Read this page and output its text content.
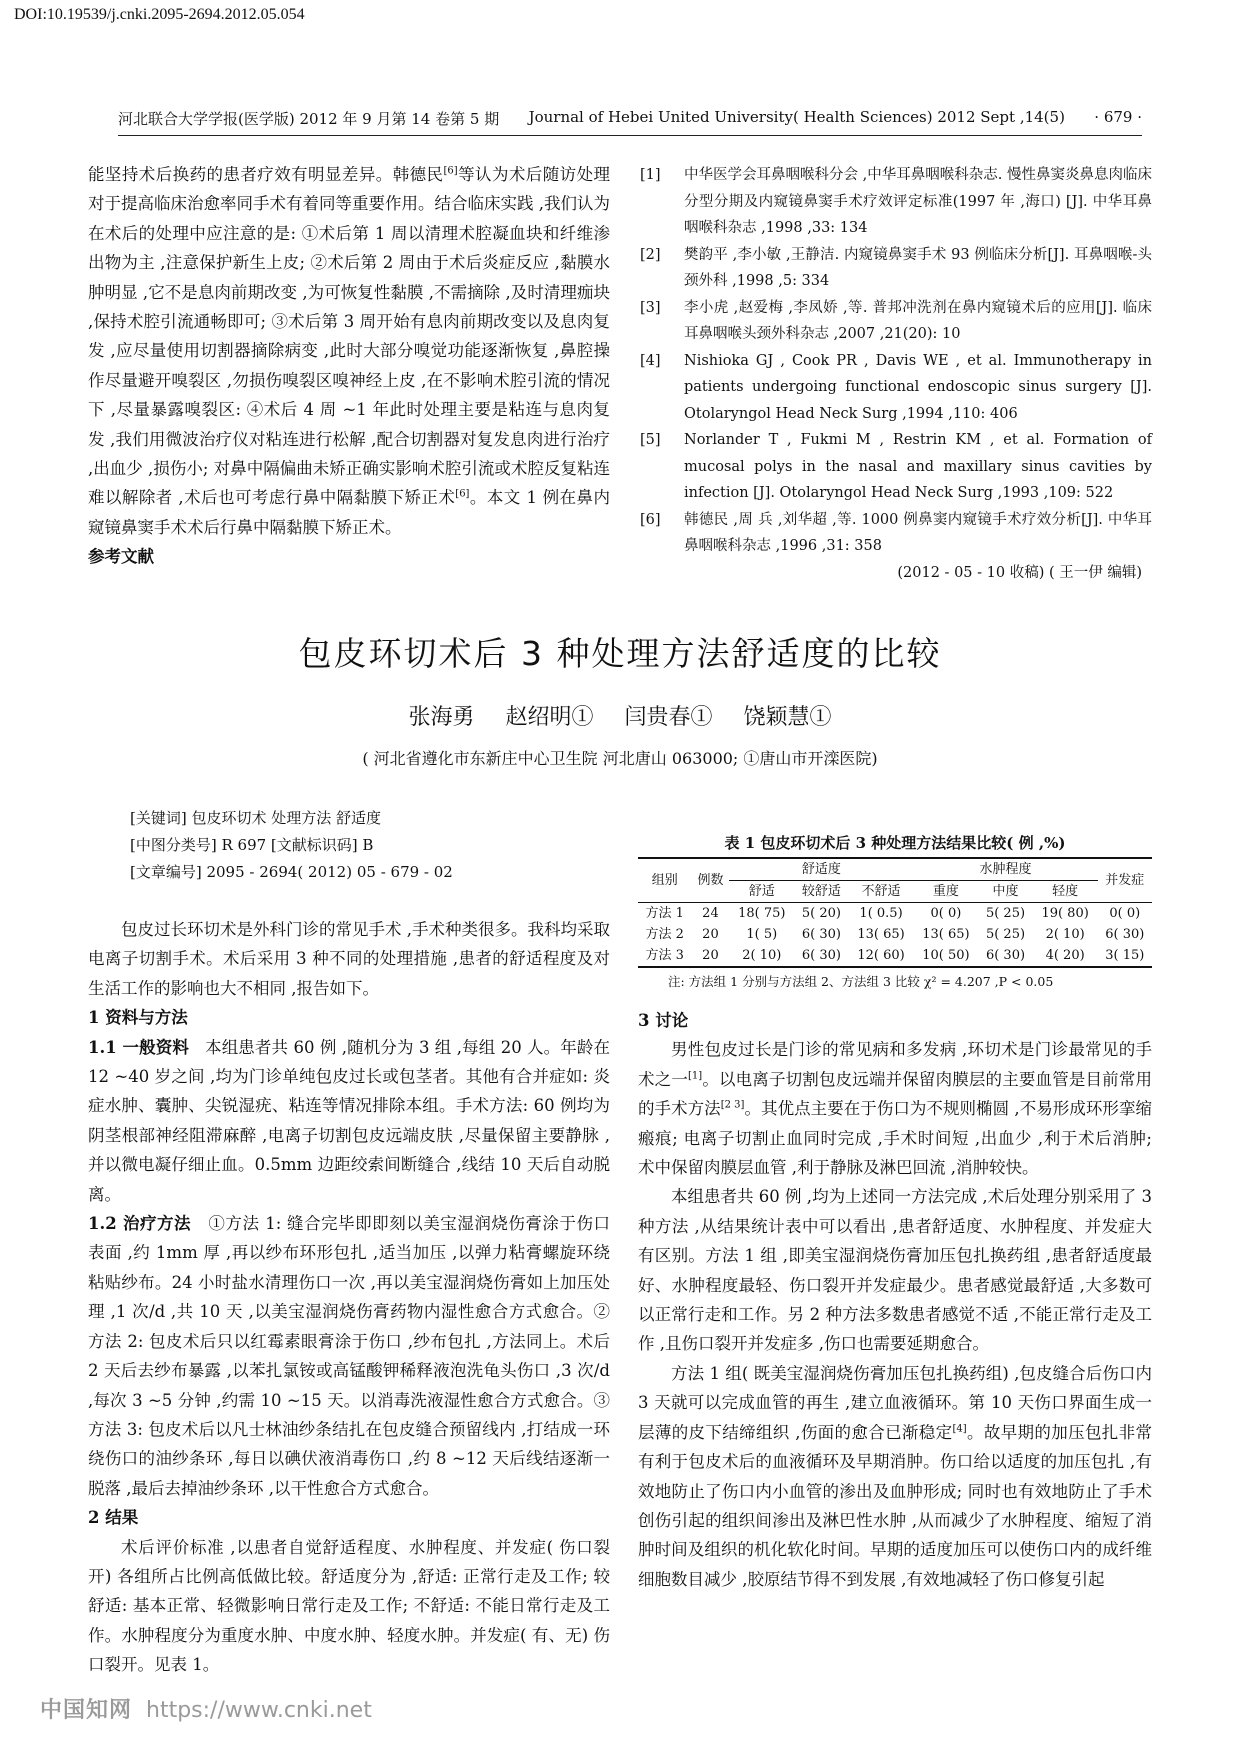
DOI:10.19539/j.cnki.2095-2694.2012.05.054
河北联合大学学报(医学版) 2012 年 9 月第 14 卷第 5 期 Journal of Hebei United University( Health Sciences) 2012 Sept ,14(5) · 679 ·

能坚持术后换药的患者疗效有明显差异。韩德民[6]等认为术后随访处理对于提高临床治愈率同手术有着同等重要作用。结合临床实践 ,我们认为在术后的处理中应注意的是: ①术后第 1 周以清理术腔凝血块和纤维渗出物为主 ,注意保护新生上皮; ②术后第 2 周由于术后炎症反应 ,黏膜水肿明显 ,它不是息肉前期改变 ,为可恢复性黏膜 ,不需摘除 ,及时清理痂块 ,保持术腔引流通畅即可; ③术后第 3 周开始有息肉前期改变以及息肉复发 ,应尽量使用切割器摘除病变 ,此时大部分嗅觉功能逐渐恢复 ,鼻腔操作尽量避开嗅裂区 ,勿损伤嗅裂区嗅神经上皮 ,在不影响术腔引流的情况下 ,尽量暴露嗅裂区: ④术后 4 周 ~1 年此时处理主要是粘连与息肉复发 ,我们用微波治疗仪对粘连进行松解 ,配合切割器对复发息肉进行治疗 ,出血少 ,损伤小; 对鼻中隔偏曲未矫正确实影响术腔引流或术腔反复粘连难以解除者 ,术后也可考虑行鼻中隔黏膜下矫正术[6]。本文 1 例在鼻内窥镜鼻窦手术术后行鼻中隔黏膜下矫正术。

参考文献

[1]	中华医学会耳鼻咽喉科分会 ,中华耳鼻咽喉科杂志. 慢性鼻窦炎鼻息肉临床分型分期及内窥镜鼻窦手术疗效评定标准(1997 年 ,海口) [J]. 中华耳鼻咽喉科杂志 ,1998 ,33: 134
[2]	樊韵平 ,李小敏 ,王静洁. 内窥镜鼻窦手术 93 例临床分析[J]. 耳鼻咽喉-头颈外科 ,1998 ,5: 334
[3]	李小虎 ,赵爱梅 ,李凤娇 ,等. 普邦冲洗剂在鼻内窥镜术后的应用[J]. 临床耳鼻咽喉头颈外科杂志 ,2007 ,21(20): 10
[4]	Nishioka GJ , Cook PR , Davis WE , et al. Immunotherapy in patients undergoing functional endoscopic sinus surgery [J]. Otolaryngol Head Neck Surg ,1994 ,110: 406
[5]	Norlander T , Fukmi M , Restrin KM , et al. Formation of mucosal polys in the nasal and maxillary sinus cavities by infection [J]. Otolaryngol Head Neck Surg ,1993 ,109: 522
[6]	韩德民 ,周 兵 ,刘华超 ,等. 1000 例鼻窦内窥镜手术疗效分析[J]. 中华耳鼻咽喉科杂志 ,1996 ,31: 358
(2012 - 05 - 10 收稿) ( 王一伊 编辑)
包皮环切术后 3 种处理方法舒适度的比较
张海勇 赵绍明① 闫贵春① 饶颖慧①
( 河北省遵化市东新庄中心卫生院 河北唐山 063000; ①唐山市开滦医院)
[关键词] 包皮环切术 处理方法 舒适度
[中图分类号] R 697 [文献标识码] B
[文章编号] 2095 - 2694( 2012) 05 - 679 - 02

包皮过长环切术是外科门诊的常见手术 ,手术种类很多。我科均采取电离子切割手术。术后采用 3 种不同的处理措施 ,患者的舒适程度及对生活工作的影响也大不相同 ,报告如下。

1 资料与方法

1.1 一般资料 本组患者共 60 例 ,随机分为 3 组 ,每组 20 人。年龄在 12 ~40 岁之间 ,均为门诊单纯包皮过长或包茎者。其他有合并症如: 炎症水肿、囊肿、尖锐湿疣、粘连等情况排除本组。手术方法: 60 例均为阴茎根部神经阻滞麻醉 ,电离子切割包皮远端皮肤 ,尽量保留主要静脉 ,并以微电凝仔细止血。0.5mm 边距绞索间断缝合 ,线结 10 天后自动脱离。

1.2 治疗方法 ①方法 1: 缝合完毕即即刻以美宝湿润烧伤膏涂于伤口表面 ,约 1mm 厚 ,再以纱布环形包扎 ,适当加压 ,以弹力粘膏螺旋环绕粘贴纱布。24 小时盐水清理伤口一次 ,再以美宝湿润烧伤膏如上加压处理 ,1 次/d ,共 10 天 ,以美宝湿润烧伤膏药物内湿性愈合方式愈合。②方法 2: 包皮术后只以红霉素眼膏涂于伤口 ,纱布包扎 ,方法同上。术后 2 天后去纱布暴露 ,以苯扎氯铵或高锰酸钾稀释液泡洗龟头伤口 ,3 次/d ,每次 3 ~5 分钟 ,约需 10 ~15 天。以消毒洗液湿性愈合方式愈合。③方法 3: 包皮术后以凡士林油纱条结扎在包皮缝合预留线内 ,打结成一环绕伤口的油纱条环 ,每日以碘伏液消毒伤口 ,约 8 ~12 天后线结逐渐一脱落 ,最后去掉油纱条环 ,以干性愈合方式愈合。

2 结果

术后评价标准 ,以患者自觉舒适程度、水肿程度、并发症( 伤口裂开) 各组所占比例高低做比较。舒适度分为 ,舒适: 正常行走及工作; 较舒适: 基本正常、轻微影响日常行走及工作; 不舒适: 不能日常行走及工作。水肿程度分为重度水肿、中度水肿、轻度水肿。并发症( 有、无) 伤口裂开。见表 1。

表 1 包皮环切术后 3 种处理方法结果比较( 例 ,%)
组别	例数	舒适度			水肿程度			并发症
		舒适	较舒适	不舒适	重度	中度	轻度	
方法 1	24	18( 75)	5( 20)	1( 0.5)	0( 0)	5( 25)	19( 80)	0( 0)
方法 2	20	1( 5)	6( 30)	13( 65)	13( 65)	5( 25)	2( 10)	6( 30)
方法 3	20	2( 10)	6( 30)	12( 60)	10( 50)	6( 30)	4( 20)	3( 15)
注: 方法组 1 分别与方法组 2、方法组 3 比较 χ² = 4.207 ,P < 0.05

3 讨论

男性包皮过长是门诊的常见病和多发病 ,环切术是门诊最常见的手术之一[1]。以电离子切割包皮远端并保留肉膜层的主要血管是目前常用的手术方法[2 3]。其优点主要在于伤口为不规则椭圆 ,不易形成环形挛缩瘢痕; 电离子切割止血同时完成 ,手术时间短 ,出血少 ,利于术后消肿; 术中保留肉膜层血管 ,利于静脉及淋巴回流 ,消肿较快。

本组患者共 60 例 ,均为上述同一方法完成 ,术后处理分别采用了 3 种方法 ,从结果统计表中可以看出 ,患者舒适度、水肿程度、并发症大有区别。方法 1 组 ,即美宝湿润烧伤膏加压包扎换药组 ,患者舒适度最好、水肿程度最轻、伤口裂开并发症最少。患者感觉最舒适 ,大多数可以正常行走和工作。另 2 种方法多数患者感觉不适 ,不能正常行走及工作 ,且伤口裂开并发症多 ,伤口也需要延期愈合。

方法 1 组( 既美宝湿润烧伤膏加压包扎换药组) ,包皮缝合后伤口内 3 天就可以完成血管的再生 ,建立血液循环。第 10 天伤口界面生成一层薄的皮下结缔组织 ,伤面的愈合已渐稳定[4]。故早期的加压包扎非常有利于包皮术后的血液循环及早期消肿。伤口给以适度的加压包扎 ,有效地防止了伤口内小血管的渗出及血肿形成; 同时也有效地防止了手术创伤引起的组织间渗出及淋巴性水肿 ,从而减少了水肿程度、缩短了消肿时间及组织的机化软化时间。早期的适度加压可以使伤口内的成纤维细胞数目减少 ,胶原结节得不到发展 ,有效地减轻了伤口修复引起

中国知网 https://www.cnki.net
